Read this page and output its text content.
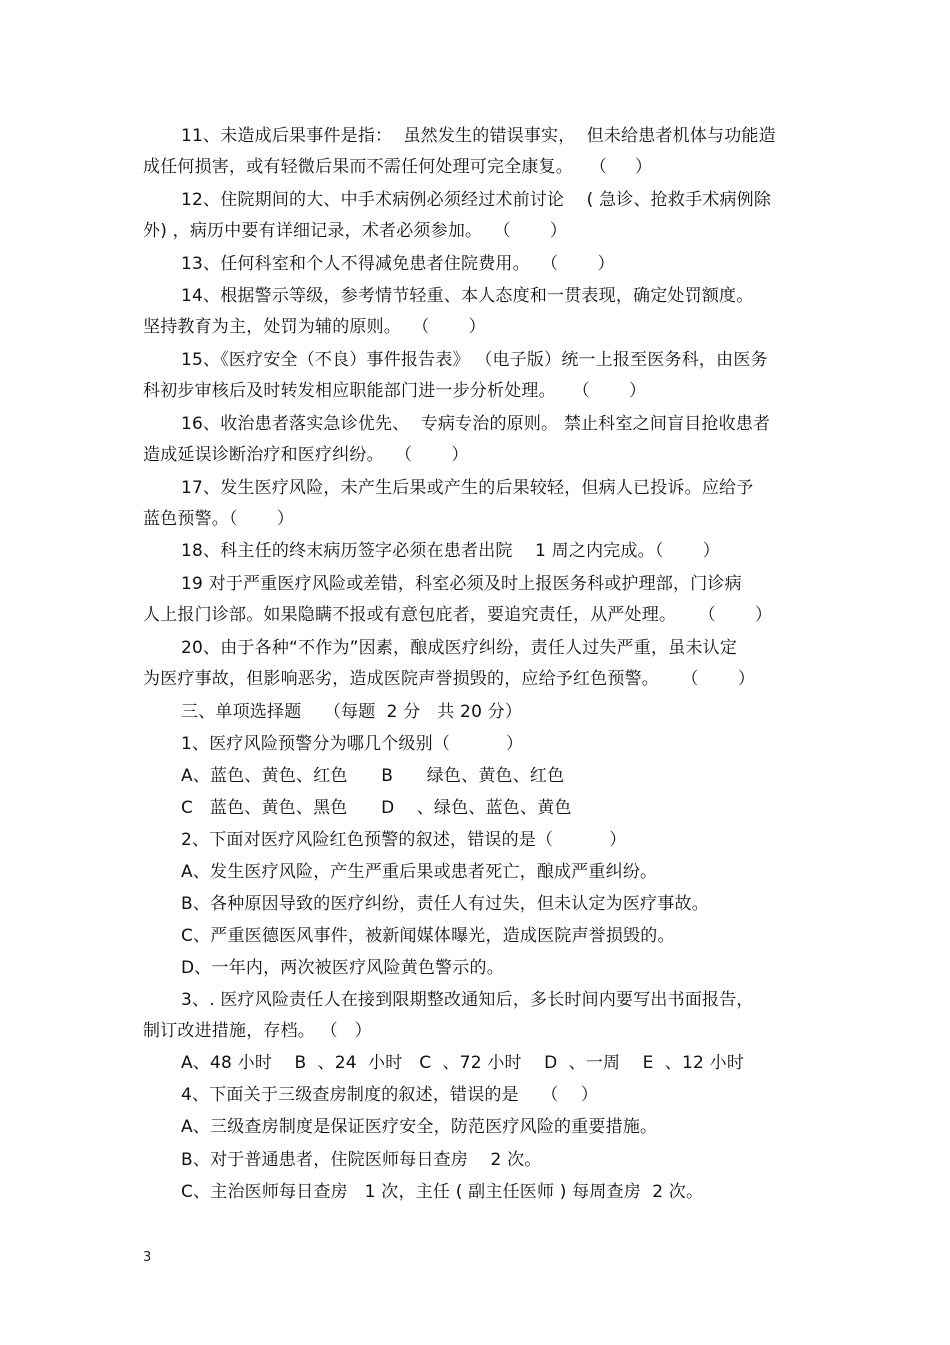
11、未造成后果事件是指：  虽然发生的错误事实，  但未给患者机体与功能造
成任何损害，或有轻微后果而不需任何处理可完全康复。   （     ）
12、住院期间的大、中手术病例必须经过术前讨论    ( 急诊、抢救手术病例除
外) ，病历中要有详细记录，术者必须参加。  （       ）
13、任何科室和个人不得减免患者住院费用。  （       ）
14、根据警示等级，参考情节轻重、本人态度和一贯表现，确定处罚额度。
坚持教育为主，处罚为辅的原则。  （       ）
15、《医疗安全（不良）事件报告表》 （电子版）统一上报至医务科，由医务
科初步审核后及时转发相应职能部门进一步分析处理。   （       ）
16、收治患者落实急诊优先、  专病专治的原则。 禁止科室之间盲目抢收患者
造成延误诊断治疗和医疗纠纷。  （       ）
17、发生医疗风险，未产生后果或产生的后果较轻，但病人已投诉。应给予
蓝色预警。（       ）
18、科主任的终末病历签字必须在患者出院    1 周之内完成。（       ）
19 对于严重医疗风险或差错，科室必须及时上报医务科或护理部，门诊病
人上报门诊部。如果隐瞒不报或有意包庇者，要追究责任，从严处理。    （       ）
20、由于各种“不作为”因素，酿成医疗纠纷，责任人过失严重，虽未认定
为医疗事故，但影响恶劣，造成医院声誉损毁的，应给予红色预警。    （       ）
三、单项选择题    （每题  2 分   共 20 分）
1、医疗风险预警分为哪几个级别（          ）
A、蓝色、黄色、红色      B      绿色、黄色、红色
C   蓝色、黄色、黑色      D    、绿色、蓝色、黄色
2、下面对医疗风险红色预警的叙述，错误的是（          ）
A、发生医疗风险，产生严重后果或患者死亡，酿成严重纠纷。
B、各种原因导致的医疗纠纷，责任人有过失，但未认定为医疗事故。
C、严重医德医风事件，被新闻媒体曝光，造成医院声誉损毁的。
D、一年内，两次被医疗风险黄色警示的。
3、. 医疗风险责任人在接到限期整改通知后，多长时间内要写出书面报告，
制订改进措施，存档。 （   ）
A、48 小时    B  、24  小时   C  、72 小时    D  、一周    E  、12 小时
4、下面关于三级查房制度的叙述，错误的是    （    ）
A、三级查房制度是保证医疗安全，防范医疗风险的重要措施。
B、对于普通患者，住院医师每日查房    2 次。
C、主治医师每日查房   1 次，主任 ( 副主任医师 ) 每周查房  2 次。
3
